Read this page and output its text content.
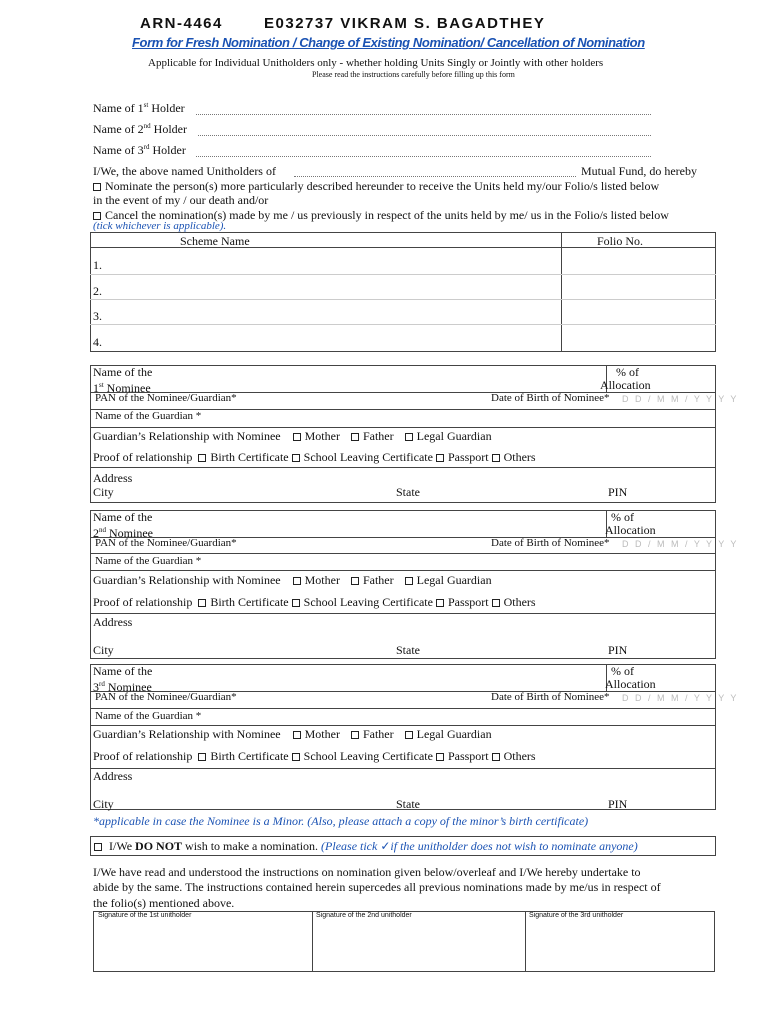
ARN-4464	E032737 VIKRAM S. BAGADTHEY
Form for Fresh Nomination / Change of Existing Nomination/ Cancellation of Nomination
Applicable for Individual Unitholders only - whether holding Units Singly or Jointly with other holders
Please read the instructions carefully before filling up this form
Name of 1st Holder
Name of 2nd Holder
Name of 3rd Holder
I/We, the above named Unitholders of	Mutual Fund, do hereby
Nominate the person(s) more particularly described hereunder to receive the Units held my/our Folio/s listed below
in the event of my / our death and/or
Cancel the nomination(s) made by me / us previously in respect of the units held by me/ us in the Folio/s listed below
(tick whichever is applicable).
Scheme Name	Folio No.
1.
2.
3.
4.
Name of the
1st Nominee
% of
Allocation
PAN of the Nominee/Guardian*	Date of Birth of Nominee* D D / M M / Y Y Y Y
Name of the Guardian *
Guardian’s Relationship with Nominee Mother Father Legal Guardian
Proof of relationship Birth Certificate School Leaving Certificate Passport Others
Address
City	State	PIN
Name of the
2nd Nominee
% of
Allocation
PAN of the Nominee/Guardian*	Date of Birth of Nominee* D D / M M / Y Y Y Y
Name of the Guardian *
Guardian’s Relationship with Nominee Mother Father Legal Guardian
Proof of relationship Birth Certificate School Leaving Certificate Passport Others
Address
City	State	PIN
Name of the
3rd Nominee
% of
Allocation
PAN of the Nominee/Guardian*	Date of Birth of Nominee* D D / M M / Y Y Y Y
Name of the Guardian *
Guardian’s Relationship with Nominee Mother Father Legal Guardian
Proof of relationship Birth Certificate School Leaving Certificate Passport Others
Address
City	State	PIN
*applicable in case the Nominee is a Minor. (Also, please attach a copy of the minor’s birth certificate)
I/We DO NOT wish to make a nomination. (Please tick ✓if the unitholder does not wish to nominate anyone)
I/We have read and understood the instructions on nomination given below/overleaf and I/We hereby undertake to
abide by the same. The instructions contained herein supercedes all previous nominations made by me/us in respect of
the folio(s) mentioned above.
Signature of the 1st unitholder	Signature of the 2nd unitholder	Signature of the 3rd unitholder
